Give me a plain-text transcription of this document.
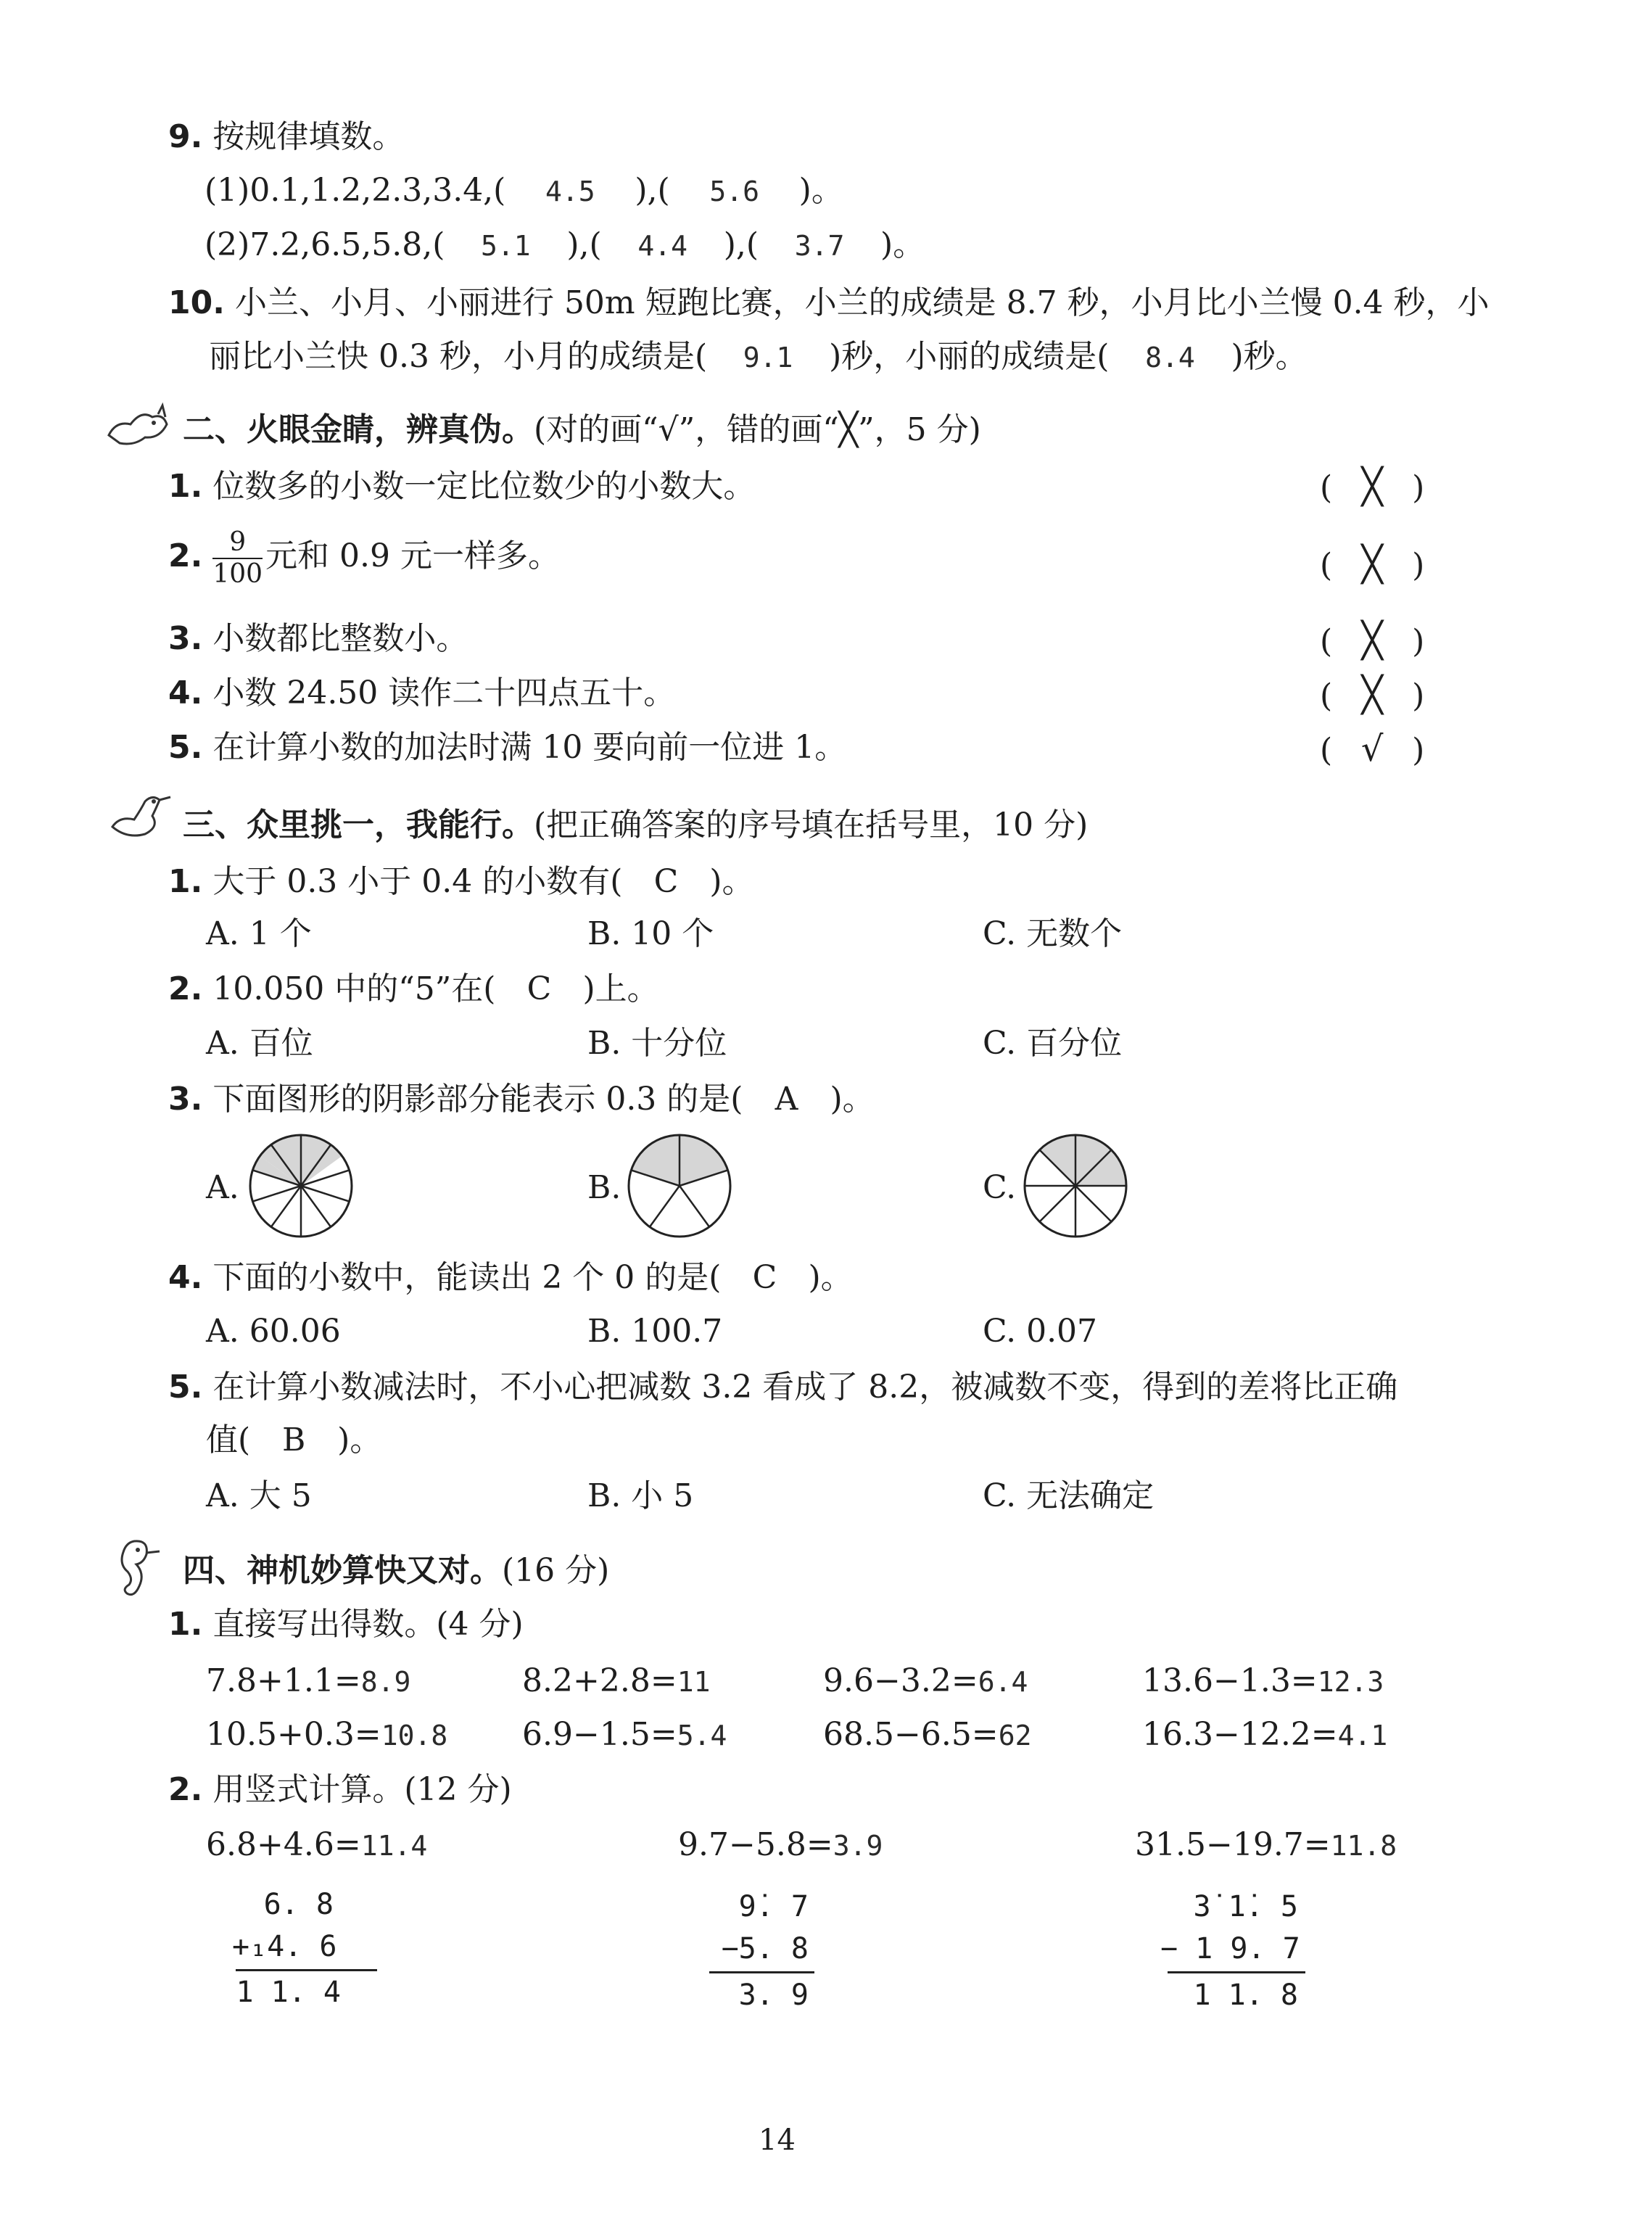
9. 按规律填数。
(1)0.1,1.2,2.3,3.4,( 4.5 ),( 5.6 )。
(2)7.2,6.5,5.8,( 5.1 ),( 4.4 ),( 3.7 )。
10. 小兰、小月、小丽进行 50m 短跑比赛，小兰的成绩是 8.7 秒，小月比小兰慢 0.4 秒，小
丽比小兰快 0.3 秒，小月的成绩是( 9.1 )秒，小丽的成绩是( 8.4 )秒。
二、火眼金睛，辨真伪。(对的画“√”，错的画“╳”，5 分)
1. 位数多的小数一定比位数少的小数大。	( ╳ )
2. $\frac{9}{100}$ 元和 0.9 元一样多。	( ╳ )
3. 小数都比整数小。	( ╳ )
4. 小数 24.50 读作二十四点五十。	( ╳ )
5. 在计算小数的加法时满 10 要向前一位进 1。	( √ )
三、众里挑一，我能行。(把正确答案的序号填在括号里，10 分)
1. 大于 0.3 小于 0.4 的小数有( C )。
A. 1 个	B. 10 个	C. 无数个
2. 10.050 中的“5”在( C )上。
A. 百位	B. 十分位	C. 百分位
3. 下面图形的阴影部分能表示 0.3 的是( A )。
A.	B.	C.
4. 下面的小数中，能读出 2 个 0 的是( C )。
A. 60.06	B. 100.7	C. 0.07
5. 在计算小数减法时，不小心把减数 3.2 看成了 8.2，被减数不变，得到的差将比正确
值( B )。
A. 大 5	B. 小 5	C. 无法确定
四、神机妙算快又对。(16 分)
1. 直接写出得数。(4 分)
7.8+1.1=8.9	8.2+2.8=11	9.6−3.2=6.4	13.6−1.3=12.3
10.5+0.3=10.8 6.9−1.5=5.4	68.5−6.5=62	16.3−12.2=4.1
2. 用竖式计算。(12 分)
6.8+4.6=11.4	9.7−5.8=3.9	31.5−19.7=11.8
6. 8
+₁4. 6
1 1. 4
9̇. 7
−5. 8
3. 9
3̇ 1̇. 5
− 1 9. 7
1 1. 8
14
